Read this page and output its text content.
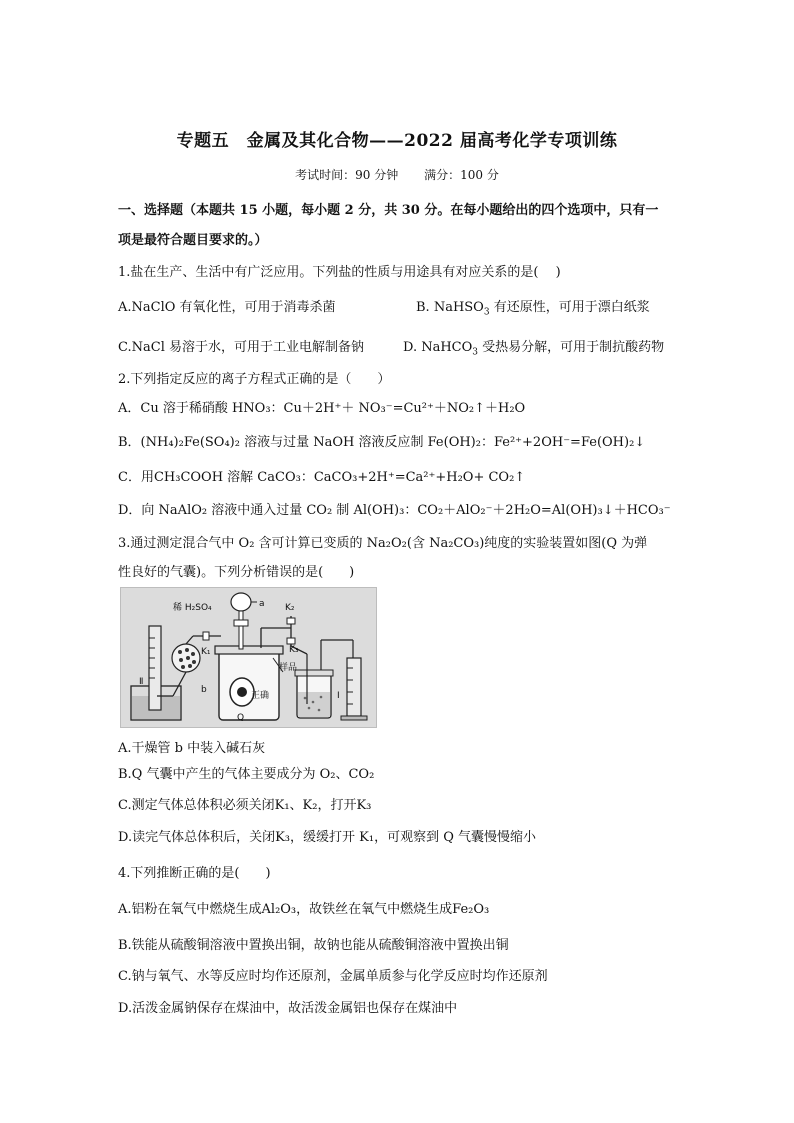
专题五　金属及其化合物——2022 届高考化学专项训练
考试时间：90 分钟 满分：100 分
一、选择题（本题共 15 小题，每小题 2 分，共 30 分。在每小题给出的四个选项中，只有一
项是最符合题目要求的。）
1.盐在生产、生活中有广泛应用。下列盐的性质与用途具有对应关系的是(　 )
A.NaClO 有氧化性，可用于消毒杀菌	B. NaHSO$_3$ 有还原性，可用于漂白纸浆
C.NaCl 易溶于水，可用于工业电解制备钠	D. NaHCO$_3$ 受热易分解，可用于制抗酸药物
2.下列指定反应的离子方程式正确的是（　　）
A．Cu 溶于稀硝酸 HNO₃：Cu＋2H⁺＋ NO₃⁻=Cu²⁺＋NO₂↑＋H₂O
B．(NH₄)₂Fe(SO₄)₂ 溶液与过量 NaOH 溶液反应制 Fe(OH)₂：Fe²⁺+2OH⁻=Fe(OH)₂↓
C．用CH₃COOH 溶解 CaCO₃：CaCO₃+2H⁺=Ca²⁺+H₂O+ CO₂↑
D．向 NaAlO₂ 溶液中通入过量 CO₂ 制 Al(OH)₃：CO₂＋AlO₂⁻＋2H₂O=Al(OH)₃↓＋HCO₃⁻
3.通过测定混合气中 O₂ 含可计算已变质的 Na₂O₂(含 Na₂CO₃)纯度的实验装置如图(Q 为弹
性良好的气囊)。下列分析错误的是(　　)
稀 H₂SO₄	a K₂
K₁	K₃
样品
b
Ⅱ
Ⅰ
Q
正确
A.干燥管 b 中装入碱石灰
B.Q 气囊中产生的气体主要成分为 O₂、CO₂
C.测定气体总体积必须关闭K₁、K₂，打开K₃
D.读完气体总体积后，关闭K₃，缓缓打开 K₁，可观察到 Q 气囊慢慢缩小
4.下列推断正确的是(　　)
A.铝粉在氧气中燃烧生成Al₂O₃，故铁丝在氧气中燃烧生成Fe₂O₃
B.铁能从硫酸铜溶液中置换出铜，故钠也能从硫酸铜溶液中置换出铜
C.钠与氧气、水等反应时均作还原剂，金属单质参与化学反应时均作还原剂
D.活泼金属钠保存在煤油中，故活泼金属铝也保存在煤油中
